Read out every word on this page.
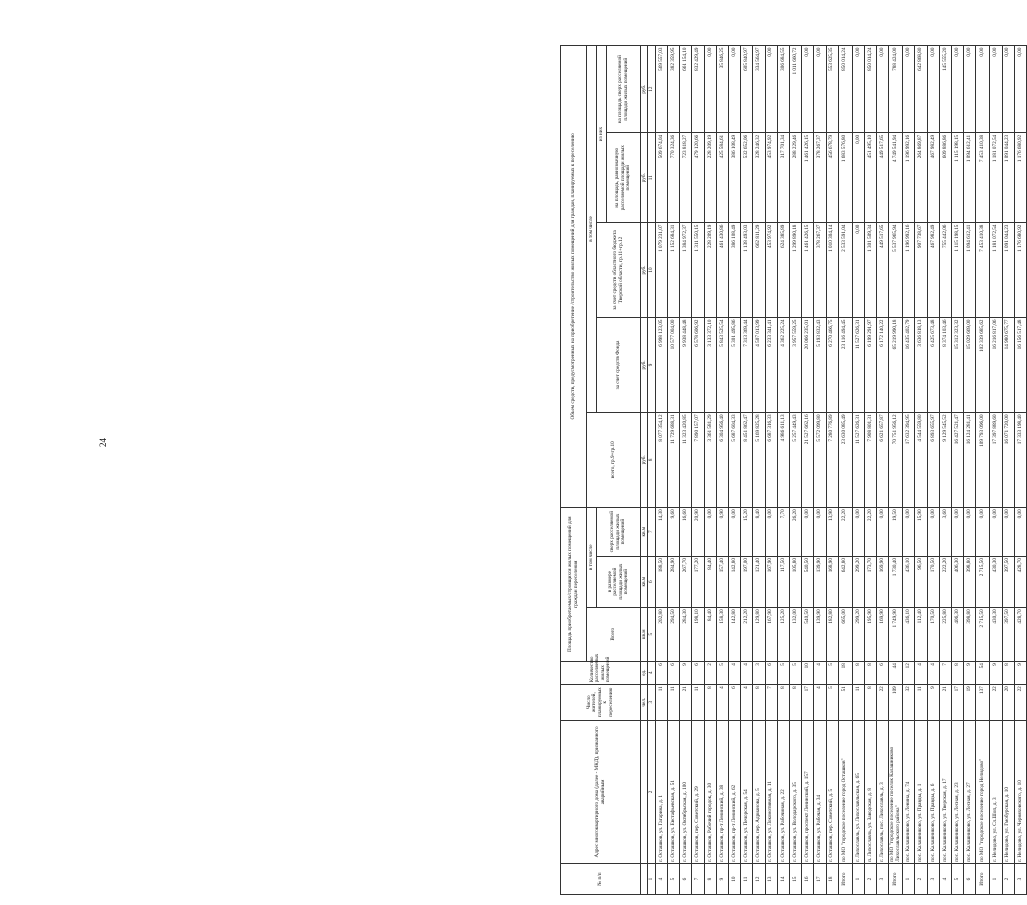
24
№ п/п	Адрес многоквартирного дома (далее - МКД), признанного аварийным	Число жителей, планируемых к переселению	Количество расселяемых жилых помещений	Площадь приобретаемых/строящихся жилых помещений для граждан переселения			Объем средств, предусмотренных на приобретение /строительство жилых помещений для граждан, планируемых к переселению				
				Всего	в том числе		всего, гр.9+гр.10	в том числе			
					в размере расселяемой площади жилых помещений	сверх расселяемой площади жилых помещений		за счет средств Фонда	за счет средств областного бюджета Тверской области, гр.11+гр.12	из них	
										на площадь, равнозначную расселяемой площади жилых помещений	на площадь сверх расселяемой площади жилых помещений
		чел.	ед.	кв.м	кв.м	кв.м	руб.	руб.	руб.	руб.	руб.
1	2	3	4	5	6	7	8	9	10	11	12
4	г. Осташков, ул. Гагарина, д. 1	11	6	202,80	188,50	14,30	8 077 354,12	6 998 123,05	1 079 231,07	509 674,04	569 557,03
5	г. Осташков, ул. Евстафьевская, д. 51	11	6	294,50	284,90	9,60	11 729 688,31	10 577 004,00	1 152 684,31	770 324,36	382 359,95
6	г. Осташков, ул. Октябрьская, д. 100	21	9	284,30	267,70	16,60	11 323 420,85	9 938 448,48	1 384 972,37	723 818,27	661 154,10
7	г. Осташков, пер. Советский, д. 29	11	6	198,10	177,20	20,90	7 890 157,07	6 578 606,92	1 311 550,15	479 120,66	832 429,49
8	г. Осташков, Рабочий городок, д. 30	8	2	84,40	84,40	0,00	3 361 581,29	3 133 372,10	228 209,19	228 209,19	0,00
9	г. Осташков, пр-т Ленинский, д. 38	4	5	158,30	157,40	0,90	6 304 956,40	5 843 525,54	461 430,86	425 584,61	35 846,25
10	г. Осташков, пр-т Ленинский, д. 62	6	4	142,80	142,80	0,00	5 687 604,33	5 301 495,86	386 108,49	386 108,49	0,00
11	г. Осташков, ул. Печорская, д. 54	4	4	212,20	197,00	15,20	8 451 862,47	7 313 369,44	1 138 493,03	532 652,06	605 840,97
12	г. Осташков, пер. Адрианова, д. 5	8	3	129,80	121,40	8,40	5 169 825,28	4 507 013,99	662 811,29	328 246,32	334 564,97
13	г. Осташков, ул. Локомотивная, д. 11	7	6	167,90	167,90	0,00	6 687 316,33	6 233 341,41	453 974,92	453 974,92	0,00
14	г. Осташков, ул. Рабочиная, д. 22	8	5	125,20	117,50	7,70	4 986 611,13	4 362 225,24	624 385,89	317 701,34	306 684,55
15	г. Осташков, ул. Володарского, д. 35	8	5	132,00	105,80	26,20	5 257 449,43	3 957 559,25	1 299 890,18	288 229,46	1 011 660,72
16	г. Осташков, проспект Ленинский, д. 157	17	10	540,50	540,50	0,00	21 527 662,16	20 066 235,01	1 461 426,15	1 461 426,15	0,00
17	г. Осташков, ул. Рабочая, д. 34	4	4	139,90	139,90	0,00	5 572 099,80	5 193 832,43	378 267,37	378 267,37	0,00
18	г. Осташков, пер. Советский, д. 5	5	5	182,80	168,90	13,90	7 280 776,89	6 270 466,75	1 010 304,14	456 678,79	553 625,35
Итого	по МО "городское поселение город Осташков"	51	18	665,00	642,80	22,20	23 630 085,49	23 116 494,45	2 533 591,04	1 683 576,80	850 014,24
1	г. Лихославль, ул. Лихославльская, д. 65	11	8	299,20	299,20	0,00	11 527 626,31	11 527 626,31	0,00	0,00	0,00
2	п. Лихославль, ул. Заводская, д. 8	8	8	195,90	173,70	22,20	7 908 801,31	6 199 291,97	1 301 509,34	451 495,10	850 014,24
3	г. Лихославль, пос. Лихославль, д. 3	22	6	169,90	169,90	0,00	6 621 657,87	6 172 140,22	449 517,65	449 517,65	0,00
Итого	по МО "городское поселение поселок Калашниково Лихославльского района"	109	44	1 749,90	1 730,40	19,50	70 751 956,12	65 219 990,18	5 537 965,94	4 749 541,94	788 424,00
1	пос. Калашниково, ул. Ленина, д. 74	32	12	436,10	436,10	0,00	17 632 394,95	16 435 402,79	1 196 992,16	1 196 992,16	0,00
2	пос. Калашниково, ул. Правды, д. 1	11	4	112,40	96,50	15,90	4 544 559,80	3 636 818,13	907 738,67	264 869,87	642 868,80
3	пос. Калашниково, ул. Правды, д. 6	9	4	170,50	170,50	0,00	6 893 655,97	6 425 673,48	467 982,49	467 982,49	0,00
4	пос. Калашниково, ул. Тверская, д. 17	21	7	225,80	222,20	3,60	9 129 545,52	8 374 103,46	755 442,06	609 886,86	145 555,20
5	пос. Калашниково, ул. Лесная, д. 23	17	8	406,30	406,30	0,00	16 427 521,47	15 312 323,32	1 115 198,15	1 115 198,15	0,00
6	пос. Калашниково, ул. Лесная, д. 27	19	9	398,80	398,80	0,00	16 124 281,41	15 029 669,00	1 094 612,41	1 094 612,41	0,00
Итого	по МО "городское поселение город Нелидово"	137	54	2 715,50	2 715,50	0,00	109 793 096,00	102 339 685,62	7 453 410,38	7 453 410,38	0,00
1	г. Нелидово, ул. Сл.Шоп, д. 3	22	9	430,30	430,30	0,00	17 397 889,60	16 216 817,06	1 181 072,54	1 181 072,54	0,00
2	г. Нелидово, ул. Гмобурская, д. 10	20	8	397,50	397,50	0,00	16 071 720,00	14 980 675,77	1 091 044,23	1 091 044,23	0,00
3	г. Нелидово, ул. Черняховского, д. 10	22	9	428,70	428,70	0,00	17 333 198,40	16 156 517,48	1 176 680,92	1 176 680,92	0,00
